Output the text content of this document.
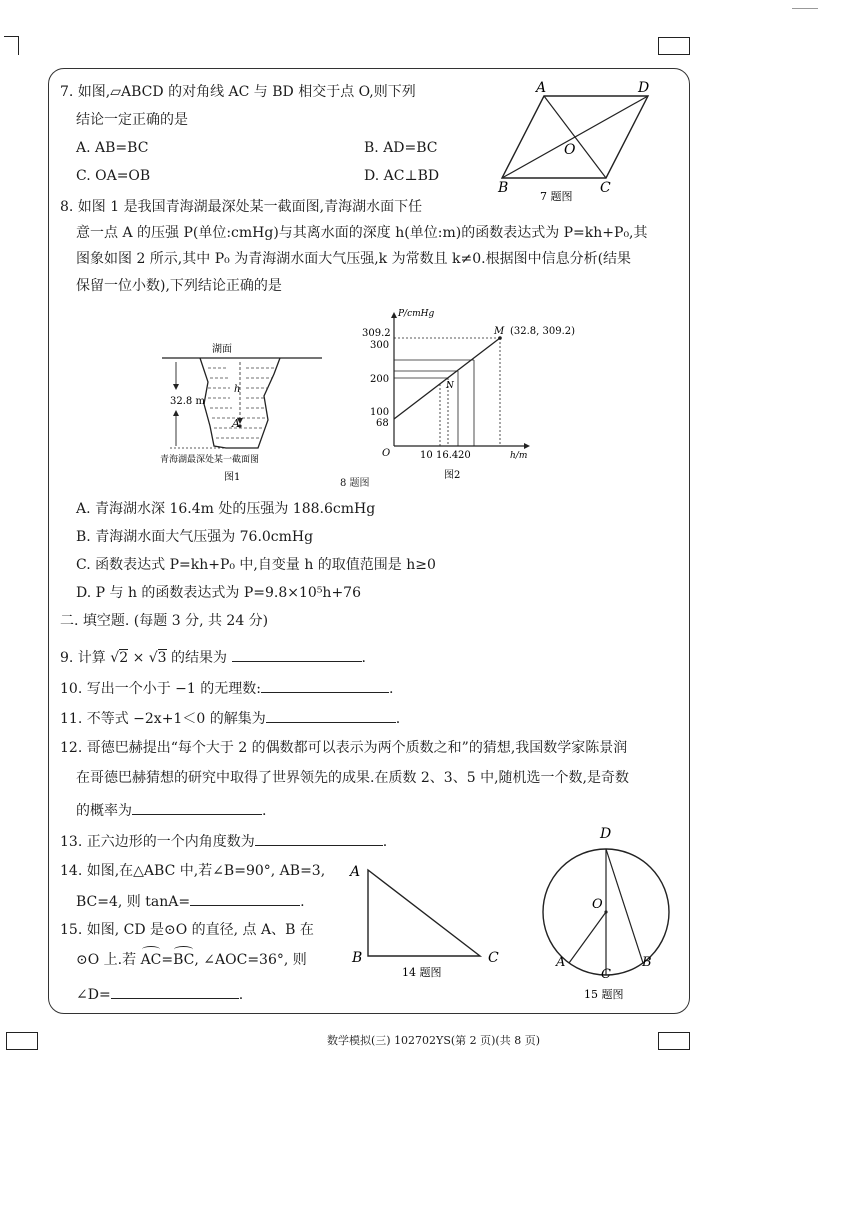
7. 如图,▱ABCD 的对角线 AC 与 BD 相交于点 O,则下列
结论一定正确的是
A. AB=BC	B. AD=BC
C. OA=OB	D. AC⊥BD
A	D
O
B	C
7 题图
8. 如图 1 是我国青海湖最深处某一截面图,青海湖水面下任
意一点 A 的压强 P(单位:cmHg)与其离水面的深度 h(单位:m)的函数表达式为 P=kh+P₀,其
图象如图 2 所示,其中 P₀ 为青海湖水面大气压强,k 为常数且 k≠0.根据图中信息分析(结果
保留一位小数),下列结论正确的是
湖面
h
A
32.8 m
青海湖最深处某一截面图
图1
P/cmHg
h/m
O
309.2
300
200
100
68
10 16.4 20
M (32.8, 309.2)
N
图2
8 题图
A. 青海湖水深 16.4m 处的压强为 188.6cmHg
B. 青海湖水面大气压强为 76.0cmHg
C. 函数表达式 P=kh+P₀ 中,自变量 h 的取值范围是 h≥0
D. P 与 h 的函数表达式为 P=9.8×10⁵h+76
二. 填空题. (每题 3 分, 共 24 分)
9. 计算 √2 × √3 的结果为	.
10. 写出一个小于 −1 的无理数:	.
11. 不等式 −2x+1＜0 的解集为	.
12. 哥德巴赫提出“每个大于 2 的偶数都可以表示为两个质数之和”的猜想,我国数学家陈景润
在哥德巴赫猜想的研究中取得了世界领先的成果.在质数 2、3、5 中,随机选一个数,是奇数
的概率为	.
13. 正六边形的一个内角度数为	.
14. 如图,在△ABC 中,若∠B=90°, AB=3,
BC=4, 则 tanA=	.
A
B	C
14 题图
15. 如图, CD 是⊙O 的直径, 点 A、B 在
⊙O 上.若 AC=
BC, ∠AOC=36°, 则
∠D=	.
D
O
A
C
B
15 题图
数学模拟(三) 102702YS(第 2 页)(共 8 页)
